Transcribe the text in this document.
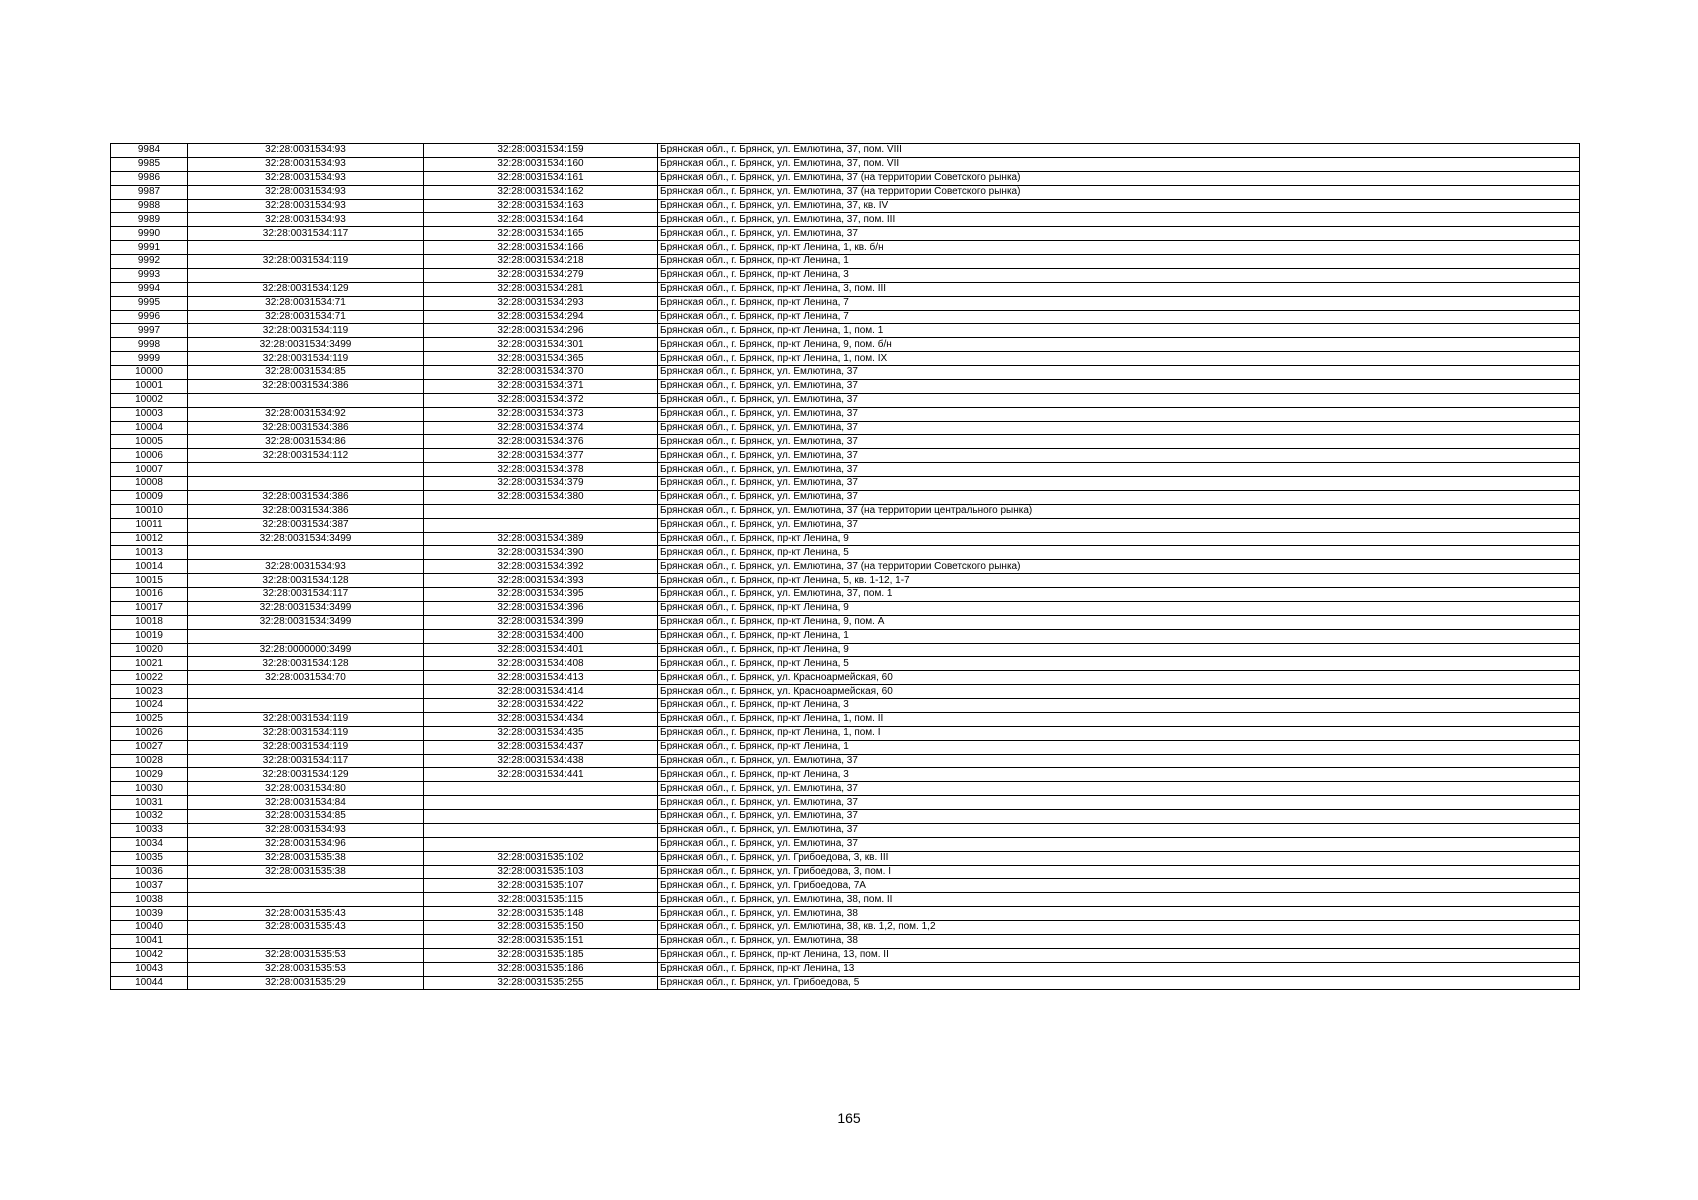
9984	32:28:0031534:93	32:28:0031534:159	Брянская обл., г. Брянск, ул. Емлютина, 37, пом. VIII
9985	32:28:0031534:93	32:28:0031534:160	Брянская обл., г. Брянск, ул. Емлютина, 37, пом. VII
9986	32:28:0031534:93	32:28:0031534:161	Брянская обл., г. Брянск, ул. Емлютина, 37 (на территории Советского рынка)
9987	32:28:0031534:93	32:28:0031534:162	Брянская обл., г. Брянск, ул. Емлютина, 37 (на территории Советского рынка)
9988	32:28:0031534:93	32:28:0031534:163	Брянская обл., г. Брянск, ул. Емлютина, 37, кв. IV
9989	32:28:0031534:93	32:28:0031534:164	Брянская обл., г. Брянск, ул. Емлютина, 37, пом. III
9990	32:28:0031534:117	32:28:0031534:165	Брянская обл., г. Брянск, ул. Емлютина, 37
9991		32:28:0031534:166	Брянская обл., г. Брянск, пр-кт Ленина, 1, кв. б/н
9992	32:28:0031534:119	32:28:0031534:218	Брянская обл., г. Брянск, пр-кт Ленина, 1
9993		32:28:0031534:279	Брянская обл., г. Брянск, пр-кт Ленина, 3
9994	32:28:0031534:129	32:28:0031534:281	Брянская обл., г. Брянск, пр-кт Ленина, 3, пом. III
9995	32:28:0031534:71	32:28:0031534:293	Брянская обл., г. Брянск, пр-кт Ленина, 7
9996	32:28:0031534:71	32:28:0031534:294	Брянская обл., г. Брянск, пр-кт Ленина, 7
9997	32:28:0031534:119	32:28:0031534:296	Брянская обл., г. Брянск, пр-кт Ленина, 1, пом. 1
9998	32:28:0031534:3499	32:28:0031534:301	Брянская обл., г. Брянск, пр-кт Ленина, 9, пом. б/н
9999	32:28:0031534:119	32:28:0031534:365	Брянская обл., г. Брянск, пр-кт Ленина, 1, пом. IX
10000	32:28:0031534:85	32:28:0031534:370	Брянская обл., г. Брянск, ул. Емлютина, 37
10001	32:28:0031534:386	32:28:0031534:371	Брянская обл., г. Брянск, ул. Емлютина, 37
10002		32:28:0031534:372	Брянская обл., г. Брянск, ул. Емлютина, 37
10003	32:28:0031534:92	32:28:0031534:373	Брянская обл., г. Брянск, ул. Емлютина, 37
10004	32:28:0031534:386	32:28:0031534:374	Брянская обл., г. Брянск, ул. Емлютина, 37
10005	32:28:0031534:86	32:28:0031534:376	Брянская обл., г. Брянск, ул. Емлютина, 37
10006	32:28:0031534:112	32:28:0031534:377	Брянская обл., г. Брянск, ул. Емлютина, 37
10007		32:28:0031534:378	Брянская обл., г. Брянск, ул. Емлютина, 37
10008		32:28:0031534:379	Брянская обл., г. Брянск, ул. Емлютина, 37
10009	32:28:0031534:386	32:28:0031534:380	Брянская обл., г. Брянск, ул. Емлютина, 37
10010	32:28:0031534:386		Брянская обл., г. Брянск, ул. Емлютина, 37 (на территории центрального рынка)
10011	32:28:0031534:387		Брянская обл., г. Брянск, ул. Емлютина, 37
10012	32:28:0031534:3499	32:28:0031534:389	Брянская обл., г. Брянск, пр-кт Ленина, 9
10013		32:28:0031534:390	Брянская обл., г. Брянск, пр-кт Ленина, 5
10014	32:28:0031534:93	32:28:0031534:392	Брянская обл., г. Брянск, ул. Емлютина, 37 (на территории Советского рынка)
10015	32:28:0031534:128	32:28:0031534:393	Брянская обл., г. Брянск, пр-кт Ленина, 5, кв. 1-12, 1-7
10016	32:28:0031534:117	32:28:0031534:395	Брянская обл., г. Брянск, ул. Емлютина, 37, пом. 1
10017	32:28:0031534:3499	32:28:0031534:396	Брянская обл., г. Брянск, пр-кт Ленина, 9
10018	32:28:0031534:3499	32:28:0031534:399	Брянская обл., г. Брянск, пр-кт Ленина, 9, пом. А
10019		32:28:0031534:400	Брянская обл., г. Брянск, пр-кт Ленина, 1
10020	32:28:0000000:3499	32:28:0031534:401	Брянская обл., г. Брянск, пр-кт Ленина, 9
10021	32:28:0031534:128	32:28:0031534:408	Брянская обл., г. Брянск, пр-кт Ленина, 5
10022	32:28:0031534:70	32:28:0031534:413	Брянская обл., г. Брянск, ул. Красноармейская, 60
10023		32:28:0031534:414	Брянская обл., г. Брянск, ул. Красноармейская, 60
10024		32:28:0031534:422	Брянская обл., г. Брянск, пр-кт Ленина, 3
10025	32:28:0031534:119	32:28:0031534:434	Брянская обл., г. Брянск, пр-кт Ленина, 1, пом. II
10026	32:28:0031534:119	32:28:0031534:435	Брянская обл., г. Брянск, пр-кт Ленина, 1, пом. I
10027	32:28:0031534:119	32:28:0031534:437	Брянская обл., г. Брянск, пр-кт Ленина, 1
10028	32:28:0031534:117	32:28:0031534:438	Брянская обл., г. Брянск, ул. Емлютина, 37
10029	32:28:0031534:129	32:28:0031534:441	Брянская обл., г. Брянск, пр-кт Ленина, 3
10030	32:28:0031534:80		Брянская обл., г. Брянск, ул. Емлютина, 37
10031	32:28:0031534:84		Брянская обл., г. Брянск, ул. Емлютина, 37
10032	32:28:0031534:85		Брянская обл., г. Брянск, ул. Емлютина, 37
10033	32:28:0031534:93		Брянская обл., г. Брянск, ул. Емлютина, 37
10034	32:28:0031534:96		Брянская обл., г. Брянск, ул. Емлютина, 37
10035	32:28:0031535:38	32:28:0031535:102	Брянская обл., г. Брянск, ул. Грибоедова, 3, кв. III
10036	32:28:0031535:38	32:28:0031535:103	Брянская обл., г. Брянск, ул. Грибоедова, 3, пом. I
10037		32:28:0031535:107	Брянская обл., г. Брянск, ул. Грибоедова, 7А
10038		32:28:0031535:115	Брянская обл., г. Брянск, ул. Емлютина, 38, пом. II
10039	32:28:0031535:43	32:28:0031535:148	Брянская обл., г. Брянск, ул. Емлютина, 38
10040	32:28:0031535:43	32:28:0031535:150	Брянская обл., г. Брянск, ул. Емлютина, 38, кв. 1,2, пом. 1,2
10041		32:28:0031535:151	Брянская обл., г. Брянск, ул. Емлютина, 38
10042	32:28:0031535:53	32:28:0031535:185	Брянская обл., г. Брянск, пр-кт Ленина, 13, пом. II
10043	32:28:0031535:53	32:28:0031535:186	Брянская обл., г. Брянск, пр-кт Ленина, 13
10044	32:28:0031535:29	32:28:0031535:255	Брянская обл., г. Брянск, ул. Грибоедова, 5
165
